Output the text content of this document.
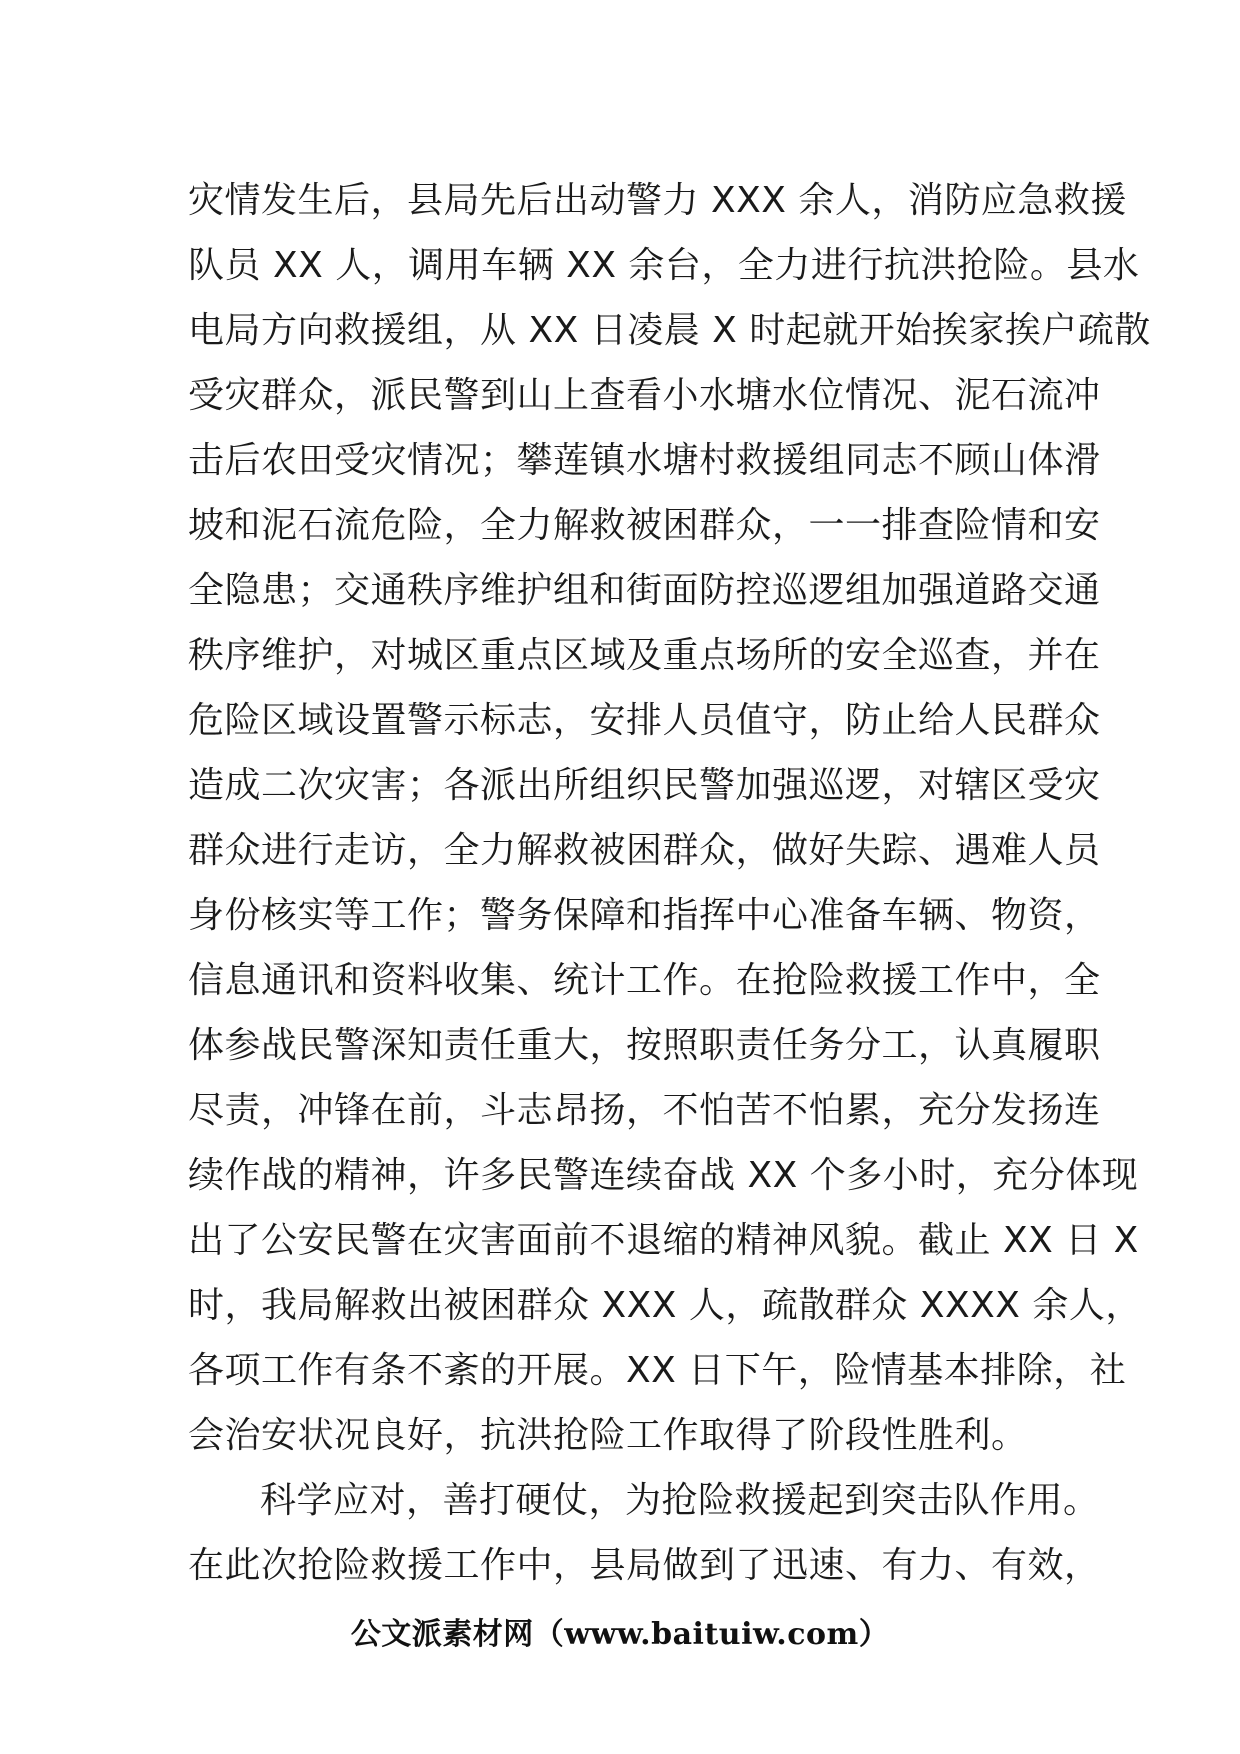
灾情发生后，县局先后出动警力 XXX 余人，消防应急救援
队员 XX 人，调用车辆 XX 余台，全力进行抗洪抢险。县水
电局方向救援组，从 XX 日凌晨 X 时起就开始挨家挨户疏散
受灾群众，派民警到山上查看小水塘水位情况、泥石流冲
击后农田受灾情况；攀莲镇水塘村救援组同志不顾山体滑
坡和泥石流危险，全力解救被困群众，一一排查险情和安
全隐患；交通秩序维护组和街面防控巡逻组加强道路交通
秩序维护，对城区重点区域及重点场所的安全巡查，并在
危险区域设置警示标志，安排人员值守，防止给人民群众
造成二次灾害；各派出所组织民警加强巡逻，对辖区受灾
群众进行走访，全力解救被困群众，做好失踪、遇难人员
身份核实等工作；警务保障和指挥中心准备车辆、物资，
信息通讯和资料收集、统计工作。在抢险救援工作中，全
体参战民警深知责任重大，按照职责任务分工，认真履职
尽责，冲锋在前，斗志昂扬，不怕苦不怕累，充分发扬连
续作战的精神，许多民警连续奋战 XX 个多小时，充分体现
出了公安民警在灾害面前不退缩的精神风貌。截止 XX 日 X
时，我局解救出被困群众 XXX 人，疏散群众 XXXX 余人，
各项工作有条不紊的开展。XX 日下午，险情基本排除，社
会治安状况良好，抗洪抢险工作取得了阶段性胜利。
科学应对，善打硬仗，为抢险救援起到突击队作用。
在此次抢险救援工作中，县局做到了迅速、有力、有效，
公文派素材网（www.baituiw.com）
